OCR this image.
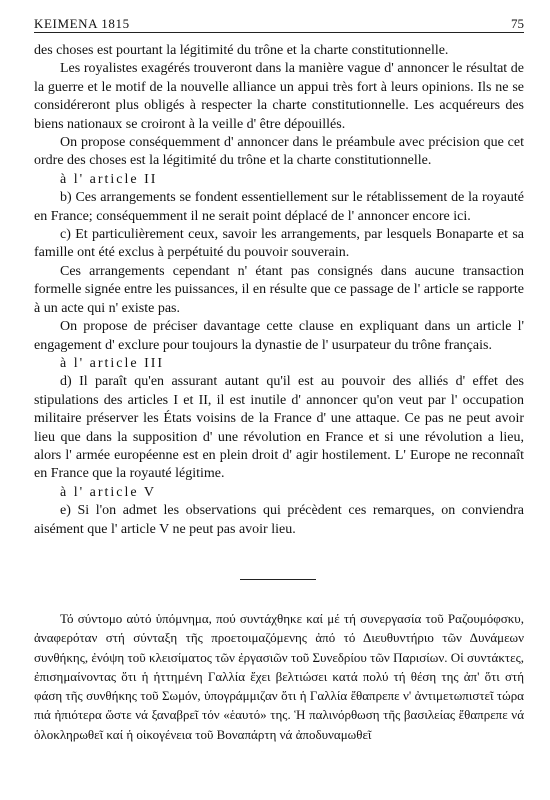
ΚΕΙΜΕΝΑ 1815	75

des choses est pourtant la légitimité du trône et la charte constitutionnelle.

Les royalistes exagérés trouveront dans la manière vague d' annoncer le résultat de la guerre et le motif de la nouvelle alliance un appui très fort à leurs opinions. Ils ne se considéreront plus obligés à respecter la charte constitutionnelle. Les acquéreurs des biens nationaux se croiront à la veille d' être dépouillés.

On propose conséquemment d' annoncer dans le préambule avec précision que cet ordre des choses est la légitimité du trône et la charte constitutionnelle.

à l' article II

b) Ces arrangements se fondent essentiellement sur le rétablissement de la royauté en France; conséquemment il ne serait point déplacé de l' annoncer encore ici.

c) Et particulièrement ceux, savoir les arrangements, par lesquels Bonaparte et sa famille ont été exclus à perpétuité du pouvoir souverain.

Ces arrangements cependant n' étant pas consignés dans aucune transaction formelle signée entre les puissances, il en résulte que ce passage de l' article se rapporte à un acte qui n' existe pas.

On propose de préciser davantage cette clause en expliquant dans un article l' engagement d' exclure pour toujours la dynastie de l' usurpateur du trône français.

à l' article III

d) Il paraît qu'en assurant autant qu'il est au pouvoir des alliés d' effet des stipulations des articles I et II, il est inutile d' annoncer qu'on veut par l' occupation militaire préserver les États voisins de la France d' une attaque. Ce pas ne peut avoir lieu que dans la supposition d' une révolution en France et si une révolution a lieu, alors l' armée européenne est en plein droit d' agir hostilement. L' Europe ne reconnaît en France que la royauté légitime.

à l' article V

e) Si l'on admet les observations qui précèdent ces remarques, on conviendra aisément que l' article V ne peut pas avoir lieu.

Τό σύντομο αὐτό ὑπόμνημα, πού συντάχθηκε καί μέ τή συνεργασία τοῦ Ραζουμόφσκυ, ἀναφερόταν στή σύνταξη τῆς προετοιμαζόμενης ἀπό τό Διευθυντήριο τῶν Δυνάμεων συνθήκης, ἐνόψη τοῦ κλεισίματος τῶν ἐργασιῶν τοῦ Συνεδρίου τῶν Παρισίων. Οἱ συντάκτες, ἐπισημαίνοντας ὅτι ἡ ἡττημένη Γαλλία ἔχει βελτιώσει κατά πολύ τή θέση της ἀπ' ὅτι στή φάση τῆς συνθήκης τοῦ Σωμόν, ὑπογράμμιζαν ὅτι ἡ Γαλλία ἔθαπρεπε ν' ἀντιμετωπιστεῖ τώρα πιά ἠπιότερα ὥστε νά ξαναβρεῖ τόν «ἑαυτό» της. Ἡ παλινόρθωση τῆς βασιλείας ἔθαπρεπε νά ὁλοκληρωθεῖ καί ἡ οἰκογένεια τοῦ Βοναπάρτη νά ἀποδυναμωθεῖ
